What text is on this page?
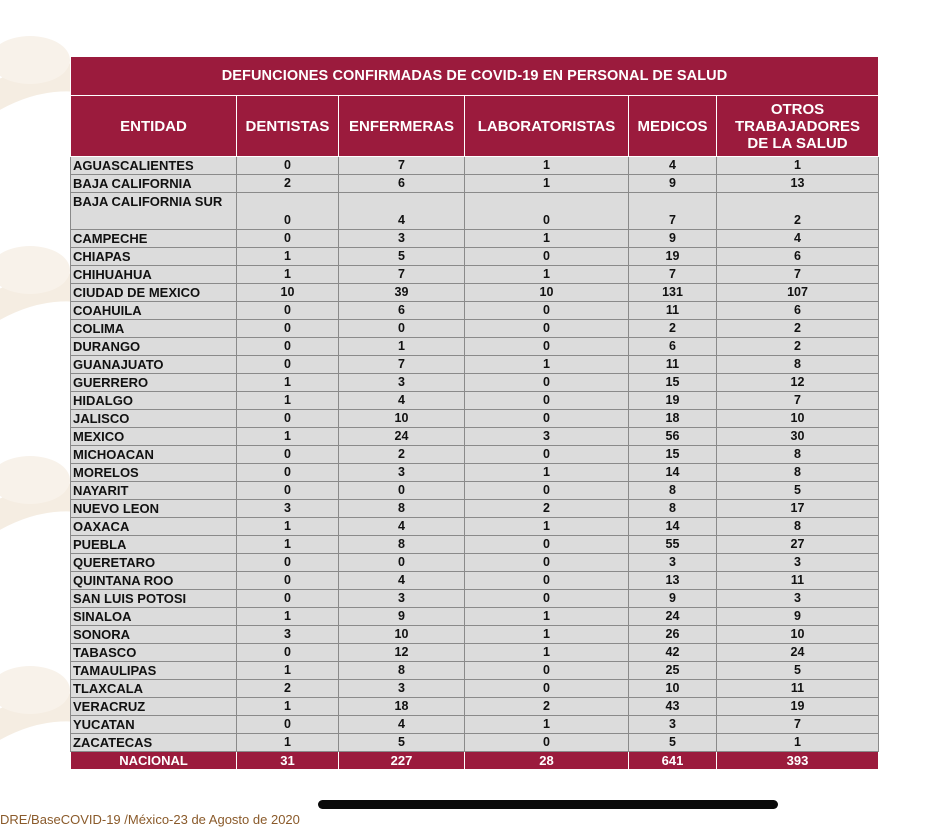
DEFUNCIONES CONFIRMADAS DE COVID-19 EN PERSONAL DE SALUD					
ENTIDAD	DENTISTAS	ENFERMERAS	LABORATORISTAS	MEDICOS	OTROS
TRABAJADORES
DE LA SALUD

AGUASCALIENTES	0	7	1	4	1
BAJA CALIFORNIA	2	6	1	9	13
BAJA CALIFORNIA SUR	0	4	0	7	2
CAMPECHE	0	3	1	9	4
CHIAPAS	1	5	0	19	6
CHIHUAHUA	1	7	1	7	7
CIUDAD DE MEXICO	10	39	10	131	107
COAHUILA	0	6	0	11	6
COLIMA	0	0	0	2	2
DURANGO	0	1	0	6	2
GUANAJUATO	0	7	1	11	8
GUERRERO	1	3	0	15	12
HIDALGO	1	4	0	19	7
JALISCO	0	10	0	18	10
MEXICO	1	24	3	56	30
MICHOACAN	0	2	0	15	8
MORELOS	0	3	1	14	8
NAYARIT	0	0	0	8	5
NUEVO LEON	3	8	2	8	17
OAXACA	1	4	1	14	8
PUEBLA	1	8	0	55	27
QUERETARO	0	0	0	3	3
QUINTANA ROO	0	4	0	13	11
SAN LUIS POTOSI	0	3	0	9	3
SINALOA	1	9	1	24	9
SONORA	3	10	1	26	10
TABASCO	0	12	1	42	24
TAMAULIPAS	1	8	0	25	5
TLAXCALA	2	3	0	10	11
VERACRUZ	1	18	2	43	19
YUCATAN	0	4	1	3	7
ZACATECAS	1	5	0	5	1
NACIONAL	31	227	28	641	393
DRE/BaseCOVID-19 /México-23 de Agosto de 2020
